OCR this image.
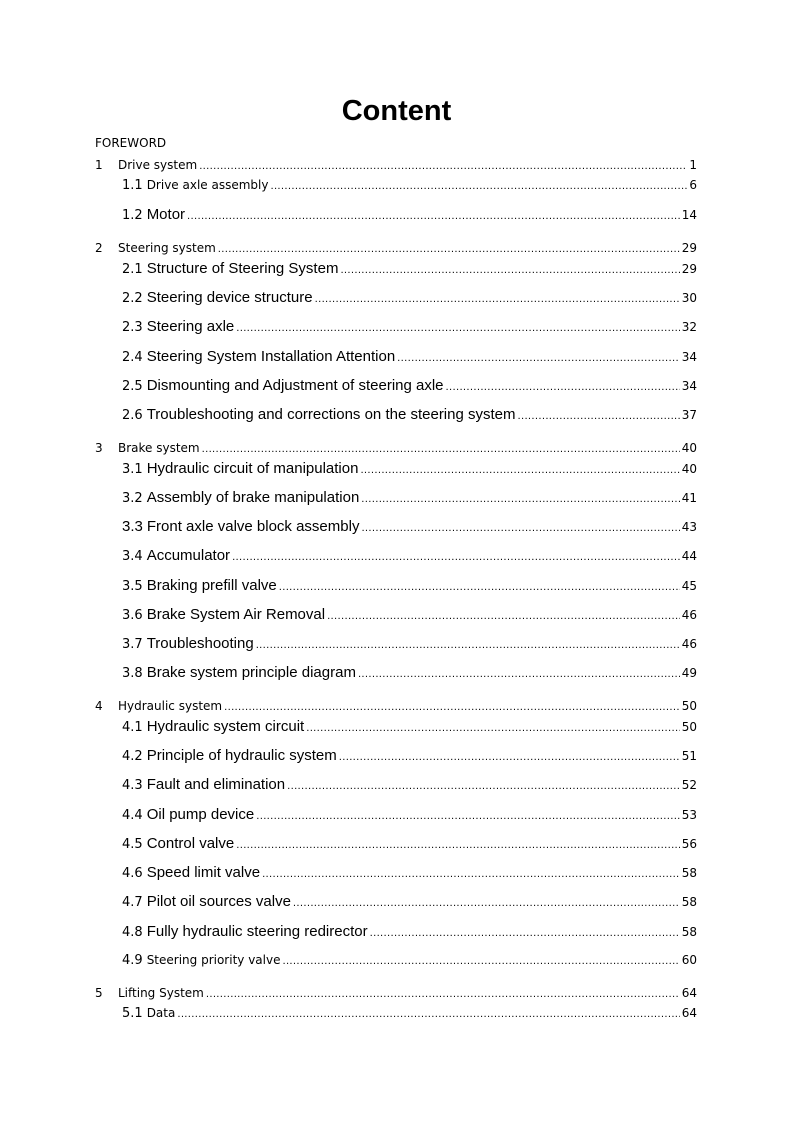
Content
FOREWORD
1	Drive system .....	1
1.1 Drive axle assembly .....	6
1.2 Motor .....	14
2	Steering system .....	29
2.1 Structure of Steering System .....	29
2.2 Steering device structure .....	30
2.3 Steering axle .....	32
2.4 Steering System Installation Attention .....	34
2.5 Dismounting and Adjustment of steering axle .....	34
2.6 Troubleshooting and corrections on the steering system .....	37
3	Brake system .....	40
3.1 Hydraulic circuit of manipulation .....	40
3.2 Assembly of brake manipulation .....	41
3.3 Front axle valve block assembly .....	43
3.4 Accumulator .....	44
3.5 Braking prefill valve .....	45
3.6 Brake System Air Removal .....	46
3.7 Troubleshooting .....	46
3.8 Brake system principle diagram .....	49
4	Hydraulic system .....	50
4.1 Hydraulic system circuit .....	50
4.2 Principle of hydraulic system .....	51
4.3 Fault and elimination .....	52
4.4 Oil pump device .....	53
4.5 Control valve .....	56
4.6 Speed limit valve .....	58
4.7 Pilot oil sources valve .....	58
4.8 Fully hydraulic steering redirector .....	58
4.9 Steering priority valve .....	60
5	Lifting System .....	64
5.1 Data .....	64
